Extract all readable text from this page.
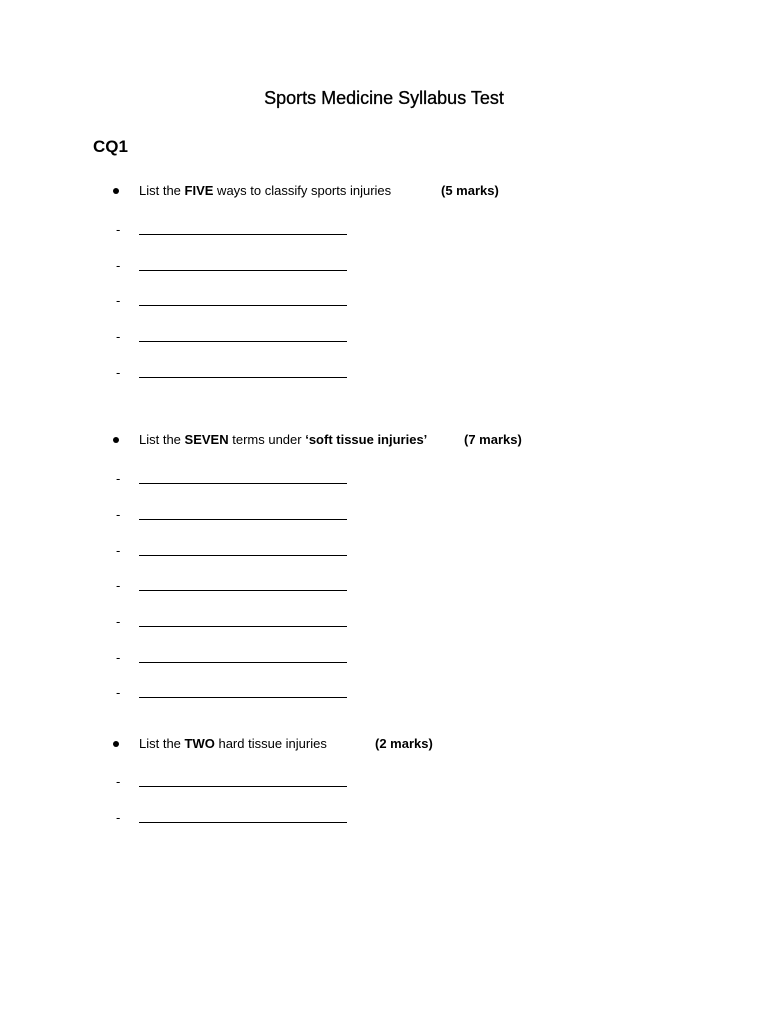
Sports Medicine Syllabus Test
CQ1
List the FIVE ways to classify sports injuries	(5 marks)
-
-
-
-
-
List the SEVEN terms under ‘soft tissue injuries’	(7 marks)
-
-
-
-
-
-
-
List the TWO hard tissue injuries	(2 marks)
-
-
